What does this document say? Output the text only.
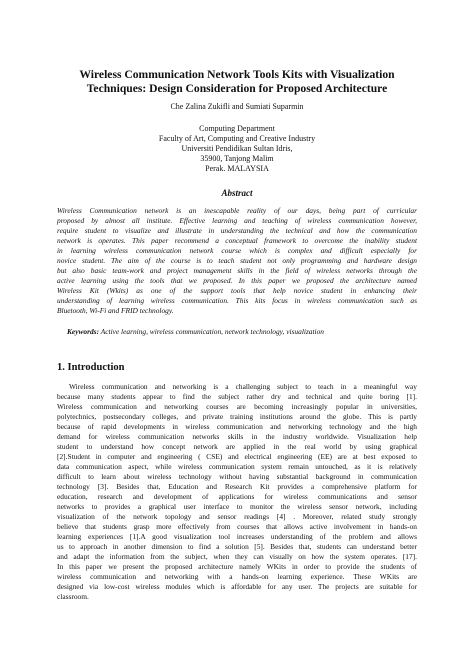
Wireless Communication Network Tools Kits with Visualization
Techniques: Design Consideration for Proposed Architecture
Che Zalina Zukifli and Sumiati Suparmin
Computing Department
Faculty of Art, Computing and Creative Industry
Universiti Pendidikan Sultan Idris,
35900, Tanjong Malim
Perak. MALAYSIA
Abstract
Wireless Communication network is an inescapable reality of our days, being part of curricular
proposed by almost all institute. Effective learning and teaching of wireless communication however,
require student to visualize and illustrate in understanding the technical and how the communication
network is operates. This paper recommend a conceptual framework to overcome the inability student
in learning wireless communication network course which is complex and difficult especially for
novice student. The aim of the course is to teach student not only programming and hardware design
but also basic team-work and project management skills in the field of wireless networks through the
active learning using the tools that we proposed. In this paper we proposed the architecture named
Wireless Kit (Wkits) as one of the support tools that help novice student in enhancing their
understanding of learning wireless communication. This kits focus in wireless communication such as
Bluetooth, Wi-Fi and FRID technology.
Keywords: Active learning, wireless communication, network technology, visualization
1. Introduction
Wireless communication and networking is a challenging subject to teach in a meaningful way
because many students appear to find the subject rather dry and technical and quite boring [1].
Wireless communication and networking courses are becoming increasingly popular in universities,
polytechnics, postsecondary colleges, and private training institutions around the globe. This is partly
because of rapid developments in wireless communication and networking technology and the high
demand for wireless communication networks skills in the industry worldwide. Visualization help
student to understand how concept network are applied in the real world by using graphical
[2].Student in computer and engineering ( CSE) and electrical engineering (EE) are at best exposed to
data communication aspect, while wireless communication system remain untouched, as it is relatively
difficult to learn about wireless technology without having substantial background in communication
technology [3]. Besides that, Education and Research Kit provides a comprehensive platform for
education, research and development of applications for wireless communications and sensor
networks to provides a graphical user interface to monitor the wireless sensor network, including
visualization of the network topology and sensor readings [4] . Moreover, related study strongly
believe that students grasp more effectively from courses that allows active involvement in hands-on
learning experiences [1].A good visualization tool increases understanding of the problem and allows
us to approach in another dimension to find a solution [5]. Besides that, students can understand better
and adapt the information from the subject, when they can visually on how the system operates. [17].
In this paper we present the proposed architecture namely WKits in order to provide the students of
wireless communication and networking with a hands-on learning experience. These WKits are
designed via low-cost wireless modules which is affordable for any user. The projects are suitable for
classroom.
